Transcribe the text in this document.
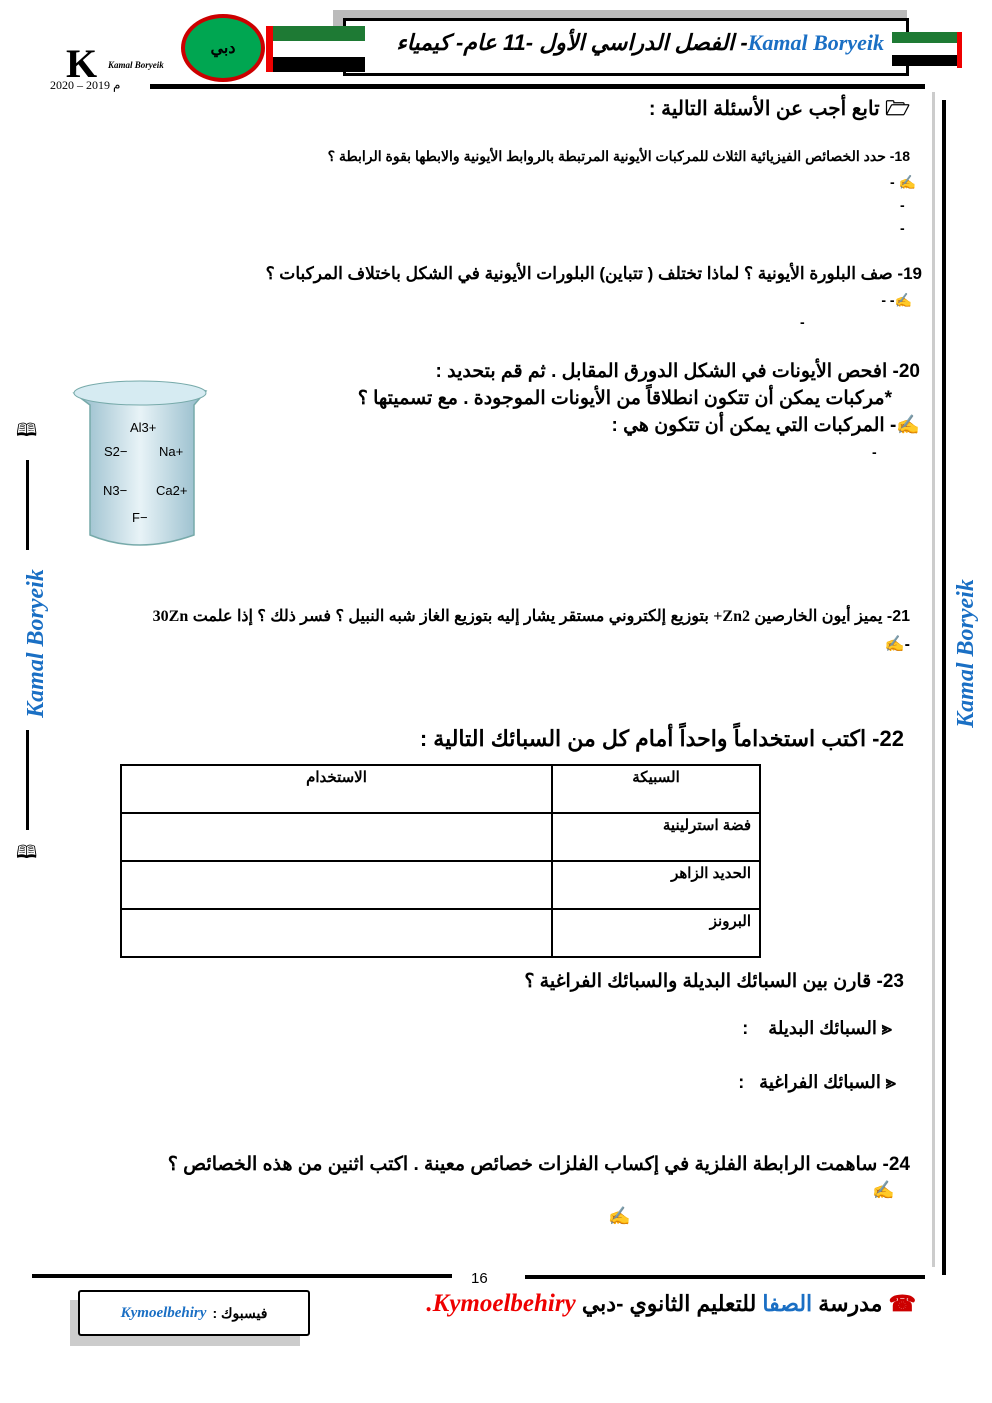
Kamal Boryeik- الفصل الدراسي الأول -11 عام- كيمياء
دبي
K Kamal Boryeik
2020 – 2019 م
🗁 تابع أجب عن الأسئلة التالية :
18- حدد الخصائص الفيزيائية الثلاث للمركبات الأيونية المرتبطة بالروابط الأيونية والابطها بقوة الرابطة ؟
✍ -
-
-
19- صف البلورة الأيونية ؟ لماذا تختلف ( تتباين) البلورات الأيونية في الشكل باختلاف المركبات ؟
✍- -
-
20- افحص الأيونات في الشكل الدورق المقابل . ثم قم بتحديد :
*مركبات يمكن أن تتكون انطلاقاً من الأيونات الموجودة . مع تسميتها ؟
✍- المركبات التي يمكن أن تتكون هي :
-
Al3+
S2− Na+
N3− Ca2+
F−
21- يميز أيون الخارصين Zn2+ بتوزيع إلكتروني مستقر يشار إليه بتوزيع الغاز شبه النبيل ؟ فسر ذلك ؟ إذا علمت 30Zn
-✍
22- اكتب استخداماً واحداً أمام كل من السبائك التالية :
السبيكة	الاستخدام
فضة استرلينية	
الحديد الزاهر	
البرونز	
23- قارن بين السبائك البديلة والسبائك الفراغية ؟
⪡ السبائك البديلة    :
⪡ السبائك الفراغية   :
24- ساهمت الرابطة الفلزية في إكساب الفلزات خصائص معينة . اكتب اثنين من هذه الخصائص ؟
✍
✍
Kamal Boryeik	Kamal Boryeik
🕮
🕮
16
☎ مدرسة الصفا للتعليم الثانوي -دبي Kymoelbehiry.
فيسبوك :
Kymoelbehiry
